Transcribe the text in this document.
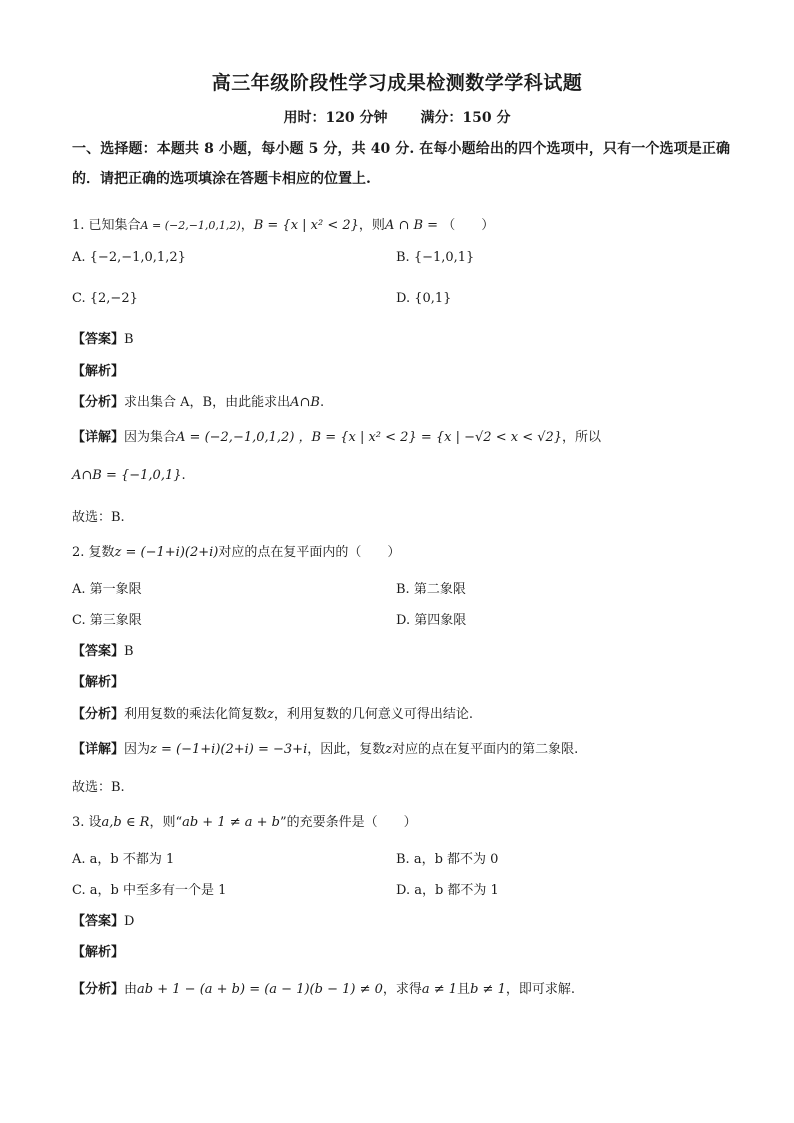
高三年级阶段性学习成果检测数学学科试题
用时：120 分钟 满分：150 分
一、选择题：本题共 8 小题，每小题 5 分，共 40 分. 在每小题给出的四个选项中，只有一个选项是正确的．请把正确的选项填涂在答题卡相应的位置上.
1. 已知集合A = (−2,−1,0,1,2)，B = {x | x² < 2}，则A ∩ B = （　　）
A. {−2,−1,0,1,2}	B. {−1,0,1}
C. {2,−2}	D. {0,1}
【答案】B
【解析】
【分析】求出集合 A，B，由此能求出A∩B.
【详解】因为集合A = (−2,−1,0,1,2) ，B = {x | x² < 2} = {x | −√2 < x < √2}，所以
A∩B = {−1,0,1}.
故选：B.
2. 复数z = (−1+i)(2+i)对应的点在复平面内的（　　）
A. 第一象限	B. 第二象限
C. 第三象限	D. 第四象限
【答案】B
【解析】
【分析】利用复数的乘法化简复数z，利用复数的几何意义可得出结论.
【详解】因为z = (−1+i)(2+i) = −3+i，因此，复数z对应的点在复平面内的第二象限.
故选：B.
3. 设a,b ∈ R，则“ab + 1 ≠ a + b”的充要条件是（　　）
A. a，b 不都为 1	B. a，b 都不为 0
C. a，b 中至多有一个是 1	D. a，b 都不为 1
【答案】D
【解析】
【分析】由ab + 1 − (a + b) = (a − 1)(b − 1) ≠ 0，求得a ≠ 1且b ≠ 1，即可求解.
